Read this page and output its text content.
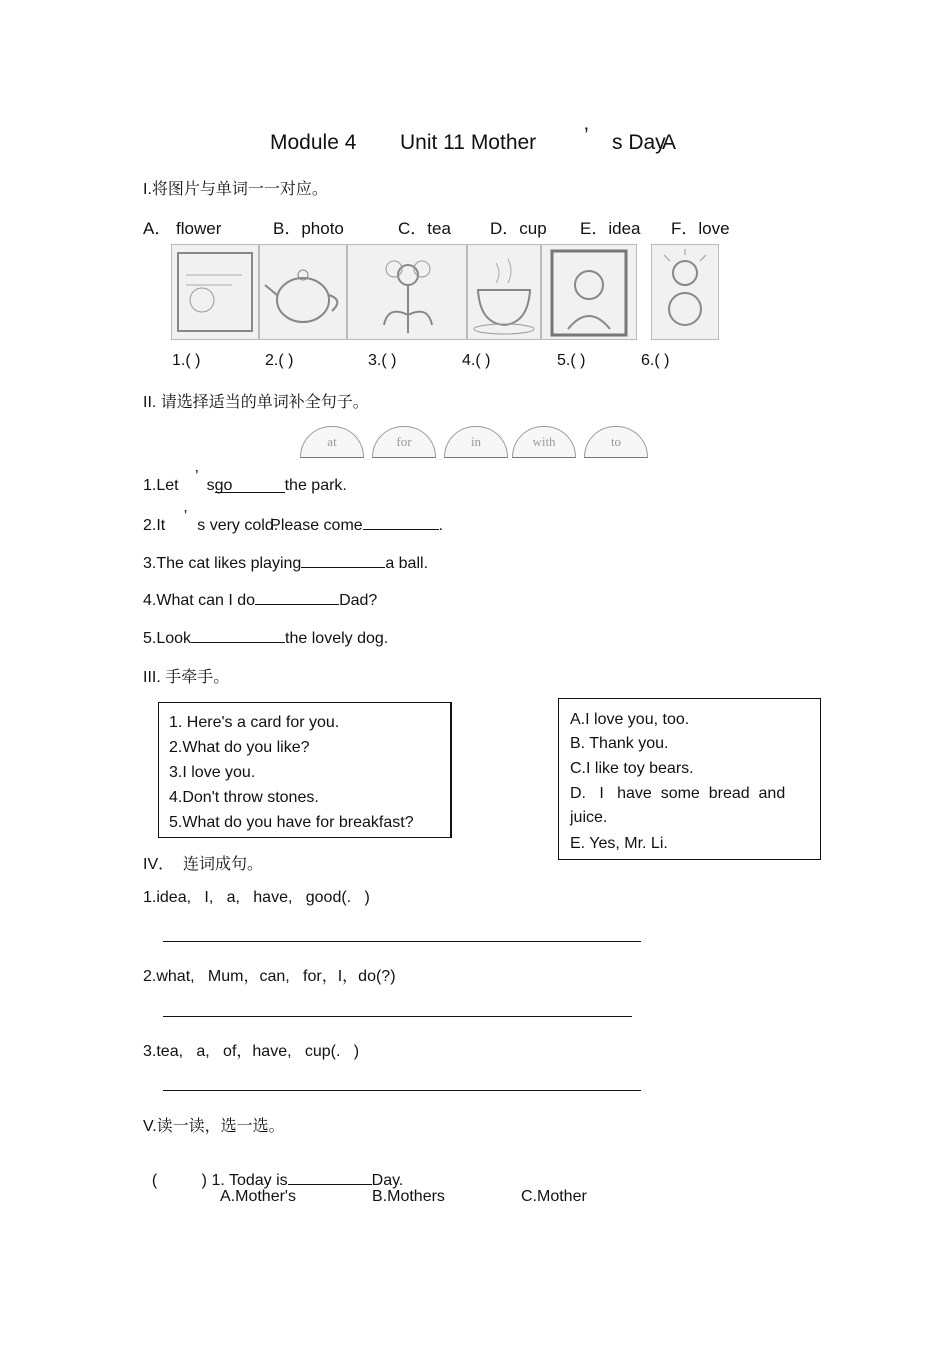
Module 4 Unit 11 Mother ’ s Day
A
I.将图片与单词一一对应。
A． flower	B．photo	C．tea D．cup E．idea F．love
1.( )	2.( )	3.( )	4.( )	5.( )	6.( )
II. 请选择适当的单词补全句子。
at	for	in	with	to
1.Let ’sgo	the park.
2.It ’s very cold.Please come	.
3.The cat likes playing	a ball.
4.What can I do	Dad?
5.Look	the lovely dog.
III. 手牵手。
1. Here's a card for you.
2.What do you like?
3.I love you.
4.Don't throw stones.
5.What do you have for breakfast?
A.I love you, too.
B. Thank you.
C.I like toy bears.
D.   I   have  some  bread  and
juice.
E. Yes, Mr. Li.
IV．  连词成句。
1.idea,   I,   a,   have,   good(.   )
2.what,   Mum，can,   for，I，do(?)
3.tea,   a,   of，have,   cup(.   )
V.读一读，选一选。

(          ) 1. Today is	Day.

A.Mother's	B.Mothers	C.Mother
